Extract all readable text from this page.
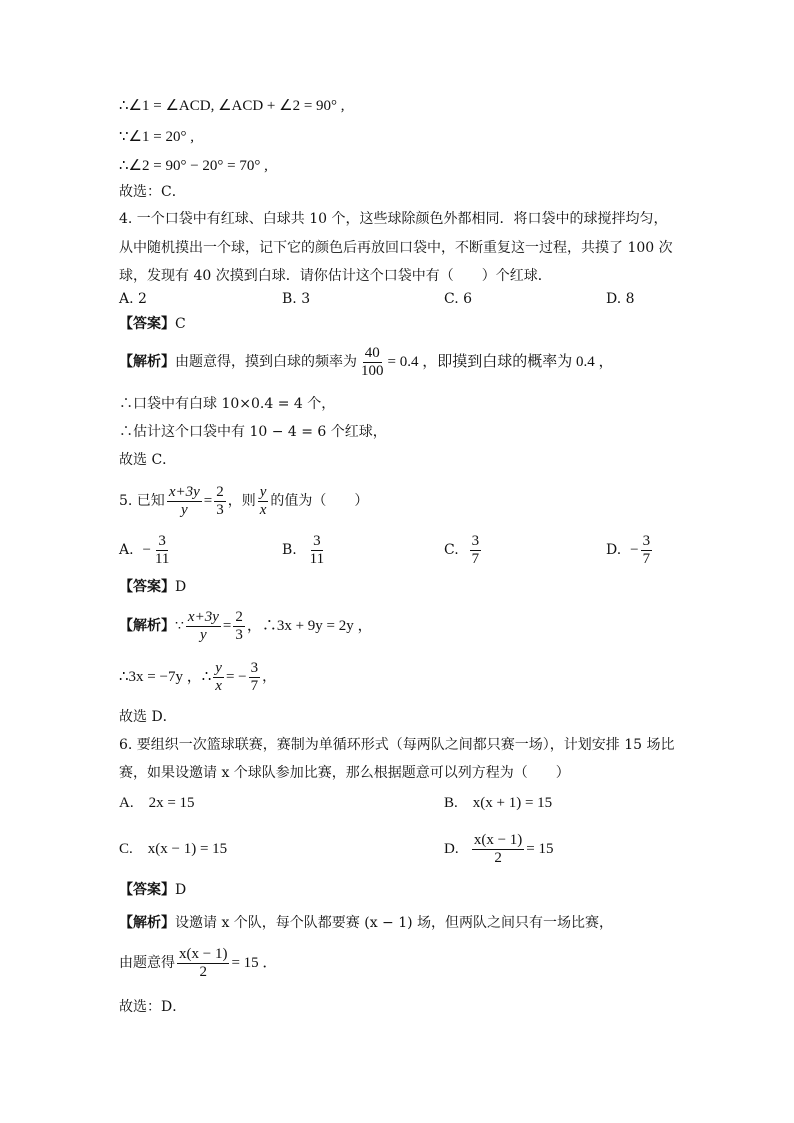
∴∠1 = ∠ACD, ∠ACD + ∠2 = 90° ,
∵∠1 = 20° ,
∴∠2 = 90° − 20° = 70° ,
故选：C．
4. 一个口袋中有红球、白球共 10 个，这些球除颜色外都相同．将口袋中的球搅拌均匀，
从中随机摸出一个球，记下它的颜色后再放回口袋中，不断重复这一过程，共摸了 100 次
球，发现有 40 次摸到白球．请你估计这个口袋中有（　　）个红球．
A. 2	B. 3	C. 6	D. 8
【答案】C
【解析】由题意得，摸到白球的频率为 $\frac{40}{100} = 0.4$ ，即摸到白球的概率为 0.4 ，
∴口袋中有白球 10×0.4 = 4 个，
∴估计这个口袋中有 10 − 4 = 6 个红球，
故选 C．
5. 已知 $\frac{x+3y}{y} = \frac{2}{3}$ ，则 $\frac{y}{x}$ 的值为（　　）
A. − $\frac{3}{11}$	B. $\frac{3}{11}$	C. $\frac{3}{7}$	D. − $\frac{3}{7}$
【答案】D
【解析】∵ $\frac{x+3y}{y} = \frac{2}{3}$ ，∴3x + 9y = 2y ，
∴3x = −7y ，∴ $\frac{y}{x}$ = − $\frac{3}{7}$ ，
故选 D．
6. 要组织一次篮球联赛，赛制为单循环形式（每两队之间都只赛一场），计划安排 15 场比
赛，如果设邀请 x 个球队参加比赛，那么根据题意可以列方程为（　　）
A.　2x = 15	B.　x(x + 1) = 15
C.　x(x − 1) = 15	D. $\frac{x(x - 1)}{2} = 15$
【答案】D
【解析】设邀请 x 个队，每个队都要赛 (x − 1) 场，但两队之间只有一场比赛，
由题意得 $\frac{x(x - 1)}{2} = 15$ ．
故选：D．
